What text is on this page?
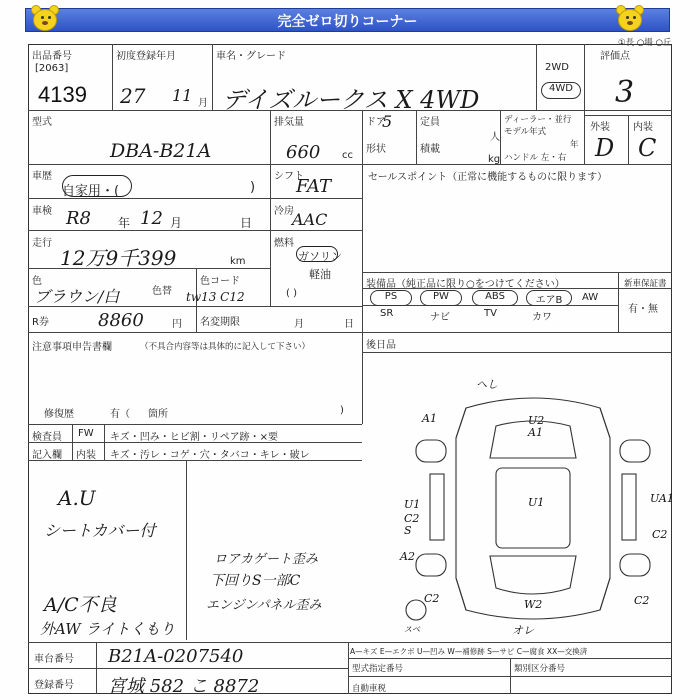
完全ゼロ切りコーナー
①長 ○場 ○丘
出品番号
[2063]
4139
初度登録年月
27 11 月
車名・グレード
デイズルークス X 4WD
2WD
4WD
評価点
3
外装 内装
D C
型式
DBA-B21A
排気量
660 cc
ドア
5	定員
人
形状	積載
kg
ディーラー・並行
モデル年式
年
ハンドル 左・右
車歴
自家用・(	)
シフト
FAT	セールスポイント（正常に機能するものに限ります）
車検 R8 年 12 月	日
冷房
AAC
走行
12万9千399	km
燃料
ガソリン 軽油
( )
色
ブラウン/白	色替
色コード
tw13 C12
R券	8860	円 名変期限	月	日
装備品（純正品に限り○をつけてください）	新車保証書
有・無
PS	PW	ABS	エアB	AW
SR	ナビ	TV	カワ
後日品
注意事項申告書欄	（不具合内容等は具体的に記入して下さい）
修復歴	有（ 箇所	)
検査員 FW キズ・凹み・ヒビ割・リペア跡・×要
記入欄 内装 キズ・汚レ・コゲ・穴・タバコ・キレ・破レ
A.U
シートカバー付
ロアカゲート歪み
下回りS一部C
エンジンパネル歪み
A/C不良
外AW ライトくもり
車台番号 B21A-0207540
登録番号 宮城 582 こ 8872
A—キズ E—エクボ U—凹み W—補修跡 S—サビ C—腐食 XX—交換済
型式指定番号	類別区分番号
自動車税
ヘし
U2
A1
A1
U1
U1
C2
S
UA1
C2
A2
C2	W2	C2
スベ	オレ
